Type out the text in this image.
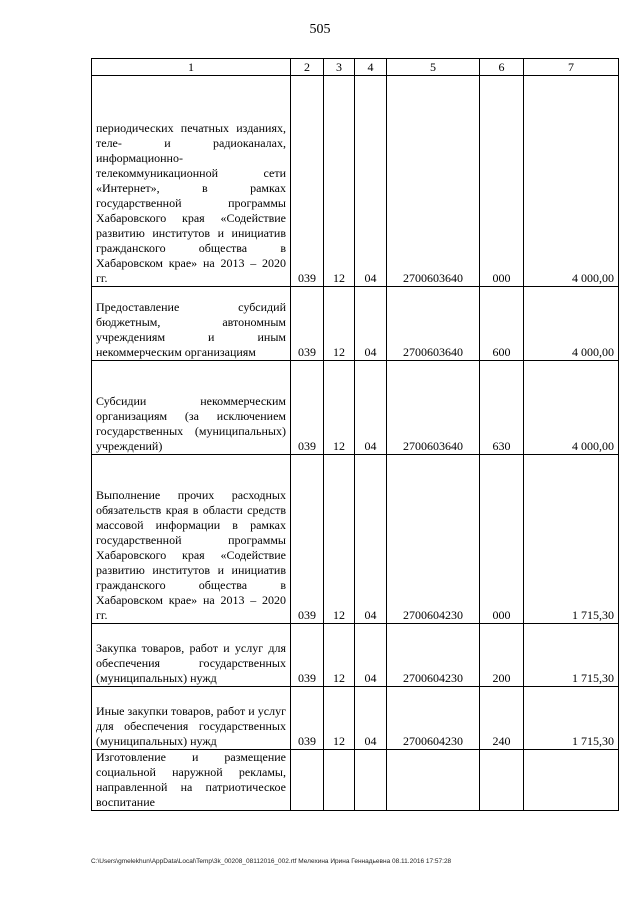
505
1	2	3	4	5	6	7

периодических печатных изданиях, теле- и радиоканалах, информационно-телекоммуникационной сети «Интернет», в рамках государственной программы Хабаровского края «Содействие развитию институтов и инициатив гражданского общества в Хабаровском крае» на 2013 – 2020 гг.	039	12	04	2700603640	000	4 000,00

Предоставление субсидий бюджетным, автономным учреждениям и иным некоммерческим организациям	039	12	04	2700603640	600	4 000,00

Субсидии некоммерческим организациям (за исключением государственных (муниципальных) учреждений)	039	12	04	2700603640	630	4 000,00

Выполнение прочих расходных обязательств края в области средств массовой информации в рамках государственной программы Хабаровского края «Содействие развитию институтов и инициатив гражданского общества в Хабаровском крае» на 2013 – 2020 гг.	039	12	04	2700604230	000	1 715,30

Закупка товаров, работ и услуг для обеспечения государственных (муниципальных) нужд	039	12	04	2700604230	200	1 715,30

Иные закупки товаров, работ и услуг для обеспечения государственных (муниципальных) нужд	039	12	04	2700604230	240	1 715,30

Изготовление и размещение социальной наружной рекламы, направленной на патриотическое воспитание						

C:\Users\gmelekhun\AppData\Local\Temp\3k_00208_08112016_002.rtf Мелехина Ирина Геннадьевна 08.11.2016 17:57:28
